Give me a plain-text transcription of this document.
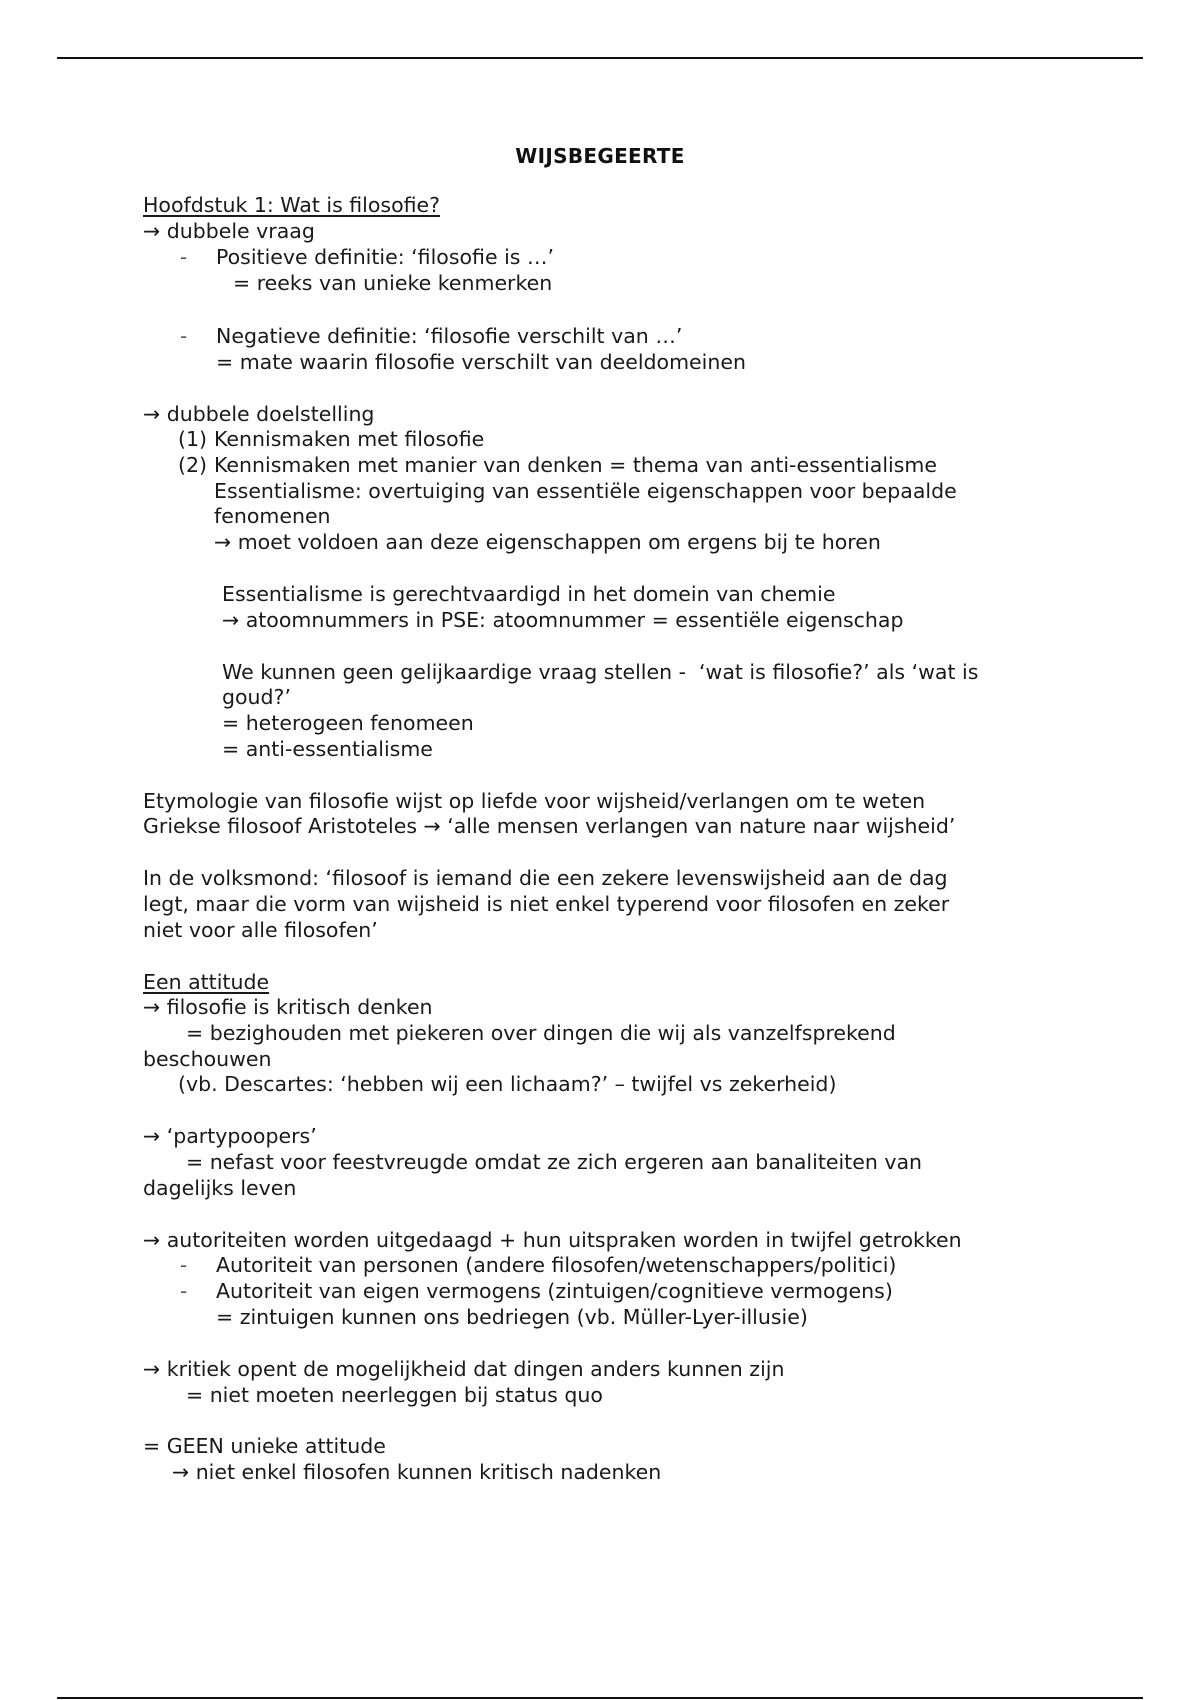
WIJSBEGEERTE
Hoofdstuk 1: Wat is filosofie?
→ dubbele vraag
- Positieve definitie: ‘filosofie is …’
= reeks van unieke kenmerken
- Negatieve definitie: ‘filosofie verschilt van …’
= mate waarin filosofie verschilt van deeldomeinen
→ dubbele doelstelling
(1) Kennismaken met filosofie
(2) Kennismaken met manier van denken = thema van anti-essentialisme
Essentialisme: overtuiging van essentiële eigenschappen voor bepaalde
fenomenen
→ moet voldoen aan deze eigenschappen om ergens bij te horen
Essentialisme is gerechtvaardigd in het domein van chemie
→ atoomnummers in PSE: atoomnummer = essentiële eigenschap
We kunnen geen gelijkaardige vraag stellen -  ‘wat is filosofie?’ als ‘wat is
goud?’
= heterogeen fenomeen
= anti-essentialisme
Etymologie van filosofie wijst op liefde voor wijsheid/verlangen om te weten
Griekse filosoof Aristoteles → ‘alle mensen verlangen van nature naar wijsheid’
In de volksmond: ‘filosoof is iemand die een zekere levenswijsheid aan de dag
legt, maar die vorm van wijsheid is niet enkel typerend voor filosofen en zeker
niet voor alle filosofen’
Een attitude
→ filosofie is kritisch denken
= bezighouden met piekeren over dingen die wij als vanzelfsprekend
beschouwen
(vb. Descartes: ‘hebben wij een lichaam?’ – twijfel vs zekerheid)
→ ‘partypoopers’
= nefast voor feestvreugde omdat ze zich ergeren aan banaliteiten van
dagelijks leven
→ autoriteiten worden uitgedaagd + hun uitspraken worden in twijfel getrokken
- Autoriteit van personen (andere filosofen/wetenschappers/politici)
- Autoriteit van eigen vermogens (zintuigen/cognitieve vermogens)
= zintuigen kunnen ons bedriegen (vb. Müller-Lyer-illusie)
→ kritiek opent de mogelijkheid dat dingen anders kunnen zijn
= niet moeten neerleggen bij status quo
= GEEN unieke attitude
→ niet enkel filosofen kunnen kritisch nadenken
